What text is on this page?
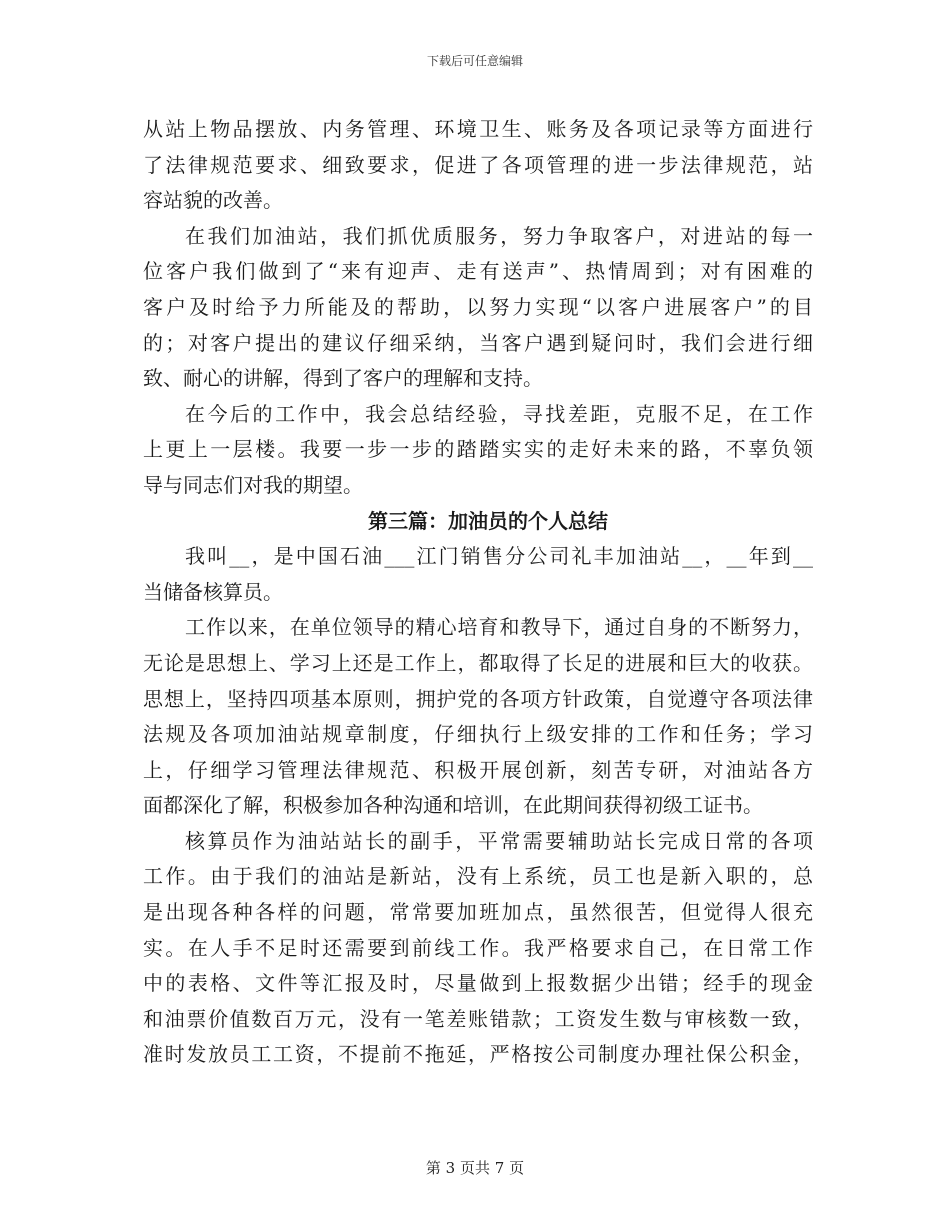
下载后可任意编辑
从站上物品摆放、内务管理、环境卫生、账务及各项记录等方面进行
了法律规范要求、细致要求，促进了各项管理的进一步法律规范，站
容站貌的改善。
在我们加油站，我们抓优质服务，努力争取客户，对进站的每一
位客户我们做到了“来有迎声、走有送声”、热情周到；对有困难的
客户及时给予力所能及的帮助，以努力实现“以客户进展客户”的目
的；对客户提出的建议仔细采纳，当客户遇到疑问时，我们会进行细
致、耐心的讲解，得到了客户的理解和支持。
在今后的工作中，我会总结经验，寻找差距，克服不足，在工作
上更上一层楼。我要一步一步的踏踏实实的走好未来的路，不辜负领
导与同志们对我的期望。
第三篇：加油员的个人总结
我叫__，是中国石油___江门销售分公司礼丰加油站__，__年到__
当储备核算员。
工作以来，在单位领导的精心培育和教导下，通过自身的不断努力，
无论是思想上、学习上还是工作上，都取得了长足的进展和巨大的收获。
思想上，坚持四项基本原则，拥护党的各项方针政策，自觉遵守各项法律
法规及各项加油站规章制度，仔细执行上级安排的工作和任务；学习
上，仔细学习管理法律规范、积极开展创新，刻苦专研，对油站各方
面都深化了解，积极参加各种沟通和培训，在此期间获得初级工证书。
核算员作为油站站长的副手，平常需要辅助站长完成日常的各项
工作。由于我们的油站是新站，没有上系统，员工也是新入职的，总
是出现各种各样的问题，常常要加班加点，虽然很苦，但觉得人很充
实。在人手不足时还需要到前线工作。我严格要求自己，在日常工作
中的表格、文件等汇报及时，尽量做到上报数据少出错；经手的现金
和油票价值数百万元，没有一笔差账错款；工资发生数与审核数一致，
准时发放员工工资，不提前不拖延，严格按公司制度办理社保公积金，
第 3 页共 7 页
